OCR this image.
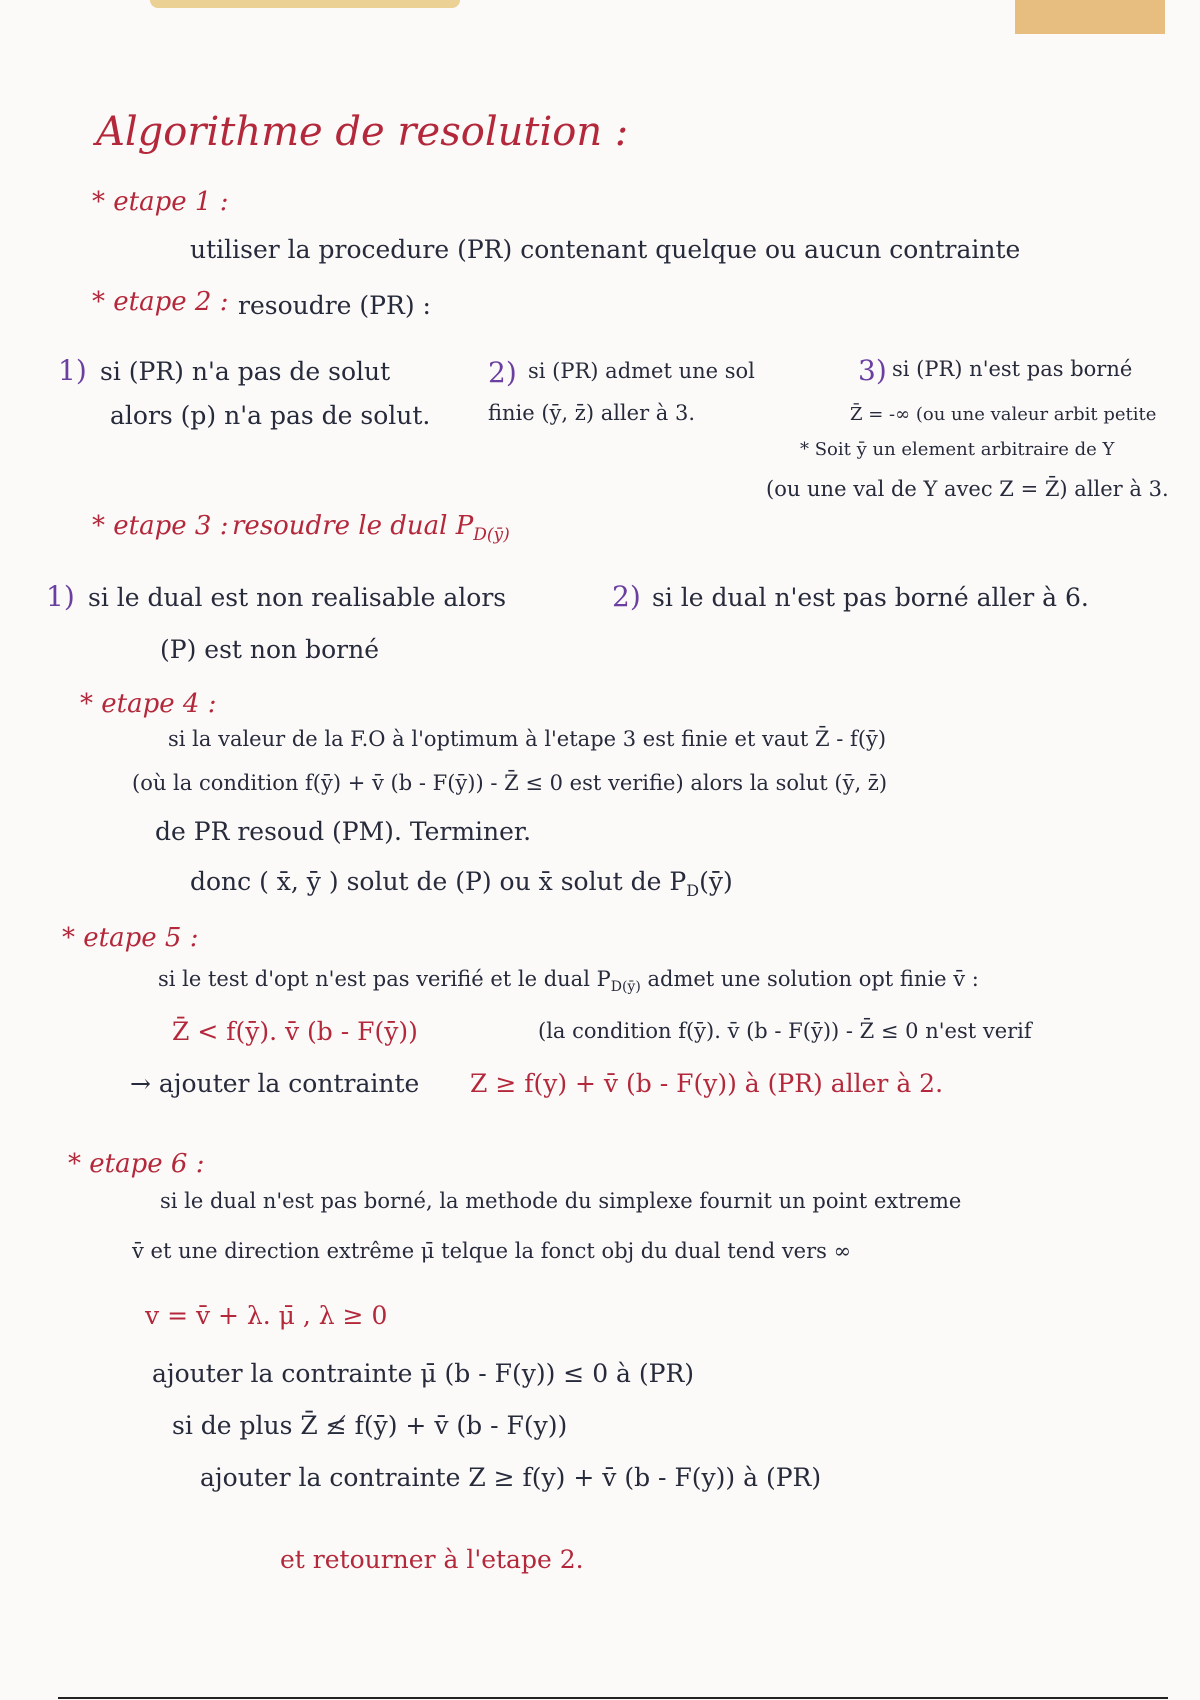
Algorithme de resolution :
* etape 1 :
utiliser la procedure (PR) contenant quelque ou aucun contrainte
* etape 2 : resoudre (PR) :
1) si (PR) n'a pas de solut
alors (p) n'a pas de solut.
2) si (PR) admet une sol
finie (ȳ, z̄) aller à 3.
3) si (PR) n'est pas borné
Z̄ = -∞ (ou une valeur arbit petite
* Soit ȳ un element arbitraire de Y
(ou une val de Y avec Z = Z̄) aller à 3.
* etape 3 : resoudre le dual $P_{D(ȳ)}$
1) si le dual est non realisable alors
(P) est non borné
2) si le dual n'est pas borné aller à 6.
* etape 4 :
si la valeur de la F.O à l'optimum à l'etape 3 est finie et vaut Z̄ - f(ȳ)
(où la condition f(ȳ) + v̄ (b - F(ȳ)) - Z̄ ≤ 0 est verifie) alors la solut (ȳ, z̄)
de PR resoud (PM). Terminer.
donc ( x̄, ȳ ) solut de (P) ou x̄ solut de $P_D(ȳ)$
* etape 5 :
si le test d'opt n'est pas verifié et le dual $P_{D(ȳ)}$ admet une solution opt finie v̄ :
Z̄ < f(ȳ). v̄ (b - F(ȳ))	(la condition f(ȳ). v̄ (b - F(ȳ)) - Z̄ ≤ 0 n'est verif
→ ajouter la contrainte Z ≥ f(y) + v̄ (b - F(y)) à (PR) aller à 2.
* etape 6 :
si le dual n'est pas borné, la methode du simplexe fournit un point extreme
v̄ et une direction extrême μ̄ telque la fonct obj du dual tend vers ∞
v = v̄ + λ. μ̄ , λ ≥ 0
ajouter la contrainte μ̄ (b - F(y)) ≤ 0 à (PR)
si de plus Z̄ ≰ f(ȳ) + v̄ (b - F(y))
ajouter la contrainte Z ≥ f(y) + v̄ (b - F(y)) à (PR)
et retourner à l'etape 2.
